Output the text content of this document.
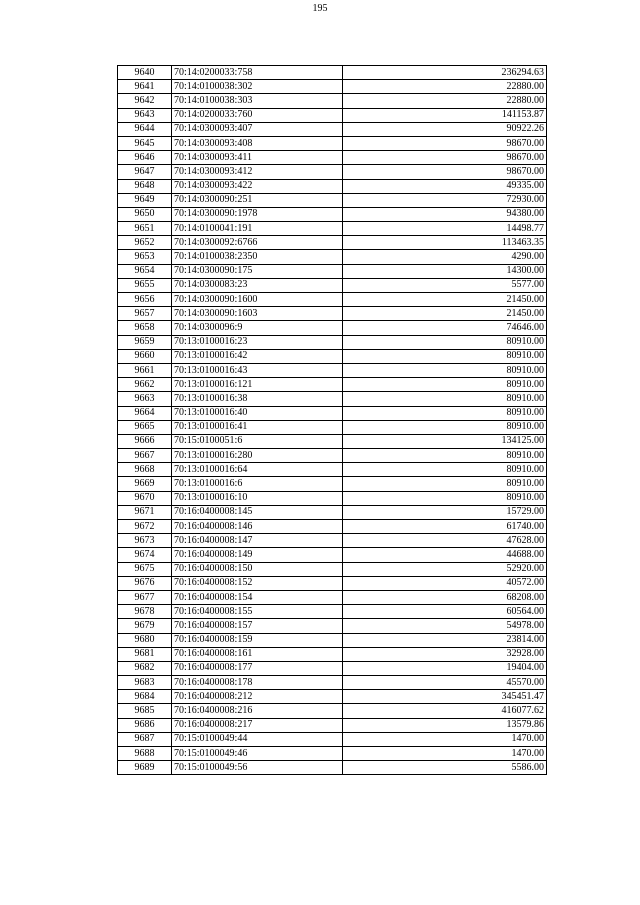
195
9640	70:14:0200033:758	236294.63
9641	70:14:0100038:302	22880.00
9642	70:14:0100038:303	22880.00
9643	70:14:0200033:760	141153.87
9644	70:14:0300093:407	90922.26
9645	70:14:0300093:408	98670.00
9646	70:14:0300093:411	98670.00
9647	70:14:0300093:412	98670.00
9648	70:14:0300093:422	49335.00
9649	70:14:0300090:251	72930.00
9650	70:14:0300090:1978	94380.00
9651	70:14:0100041:191	14498.77
9652	70:14:0300092:6766	113463.35
9653	70:14:0100038:2350	4290.00
9654	70:14:0300090:175	14300.00
9655	70:14:0300083:23	5577.00
9656	70:14:0300090:1600	21450.00
9657	70:14:0300090:1603	21450.00
9658	70:14:0300096:9	74646.00
9659	70:13:0100016:23	80910.00
9660	70:13:0100016:42	80910.00
9661	70:13:0100016:43	80910.00
9662	70:13:0100016:121	80910.00
9663	70:13:0100016:38	80910.00
9664	70:13:0100016:40	80910.00
9665	70:13:0100016:41	80910.00
9666	70:15:0100051:6	134125.00
9667	70:13:0100016:280	80910.00
9668	70:13:0100016:64	80910.00
9669	70:13:0100016:6	80910.00
9670	70:13:0100016:10	80910.00
9671	70:16:0400008:145	15729.00
9672	70:16:0400008:146	61740.00
9673	70:16:0400008:147	47628.00
9674	70:16:0400008:149	44688.00
9675	70:16:0400008:150	52920.00
9676	70:16:0400008:152	40572.00
9677	70:16:0400008:154	68208.00
9678	70:16:0400008:155	60564.00
9679	70:16:0400008:157	54978.00
9680	70:16:0400008:159	23814.00
9681	70:16:0400008:161	32928.00
9682	70:16:0400008:177	19404.00
9683	70:16:0400008:178	45570.00
9684	70:16:0400008:212	345451.47
9685	70:16:0400008:216	416077.62
9686	70:16:0400008:217	13579.86
9687	70:15:0100049:44	1470.00
9688	70:15:0100049:46	1470.00
9689	70:15:0100049:56	5586.00
